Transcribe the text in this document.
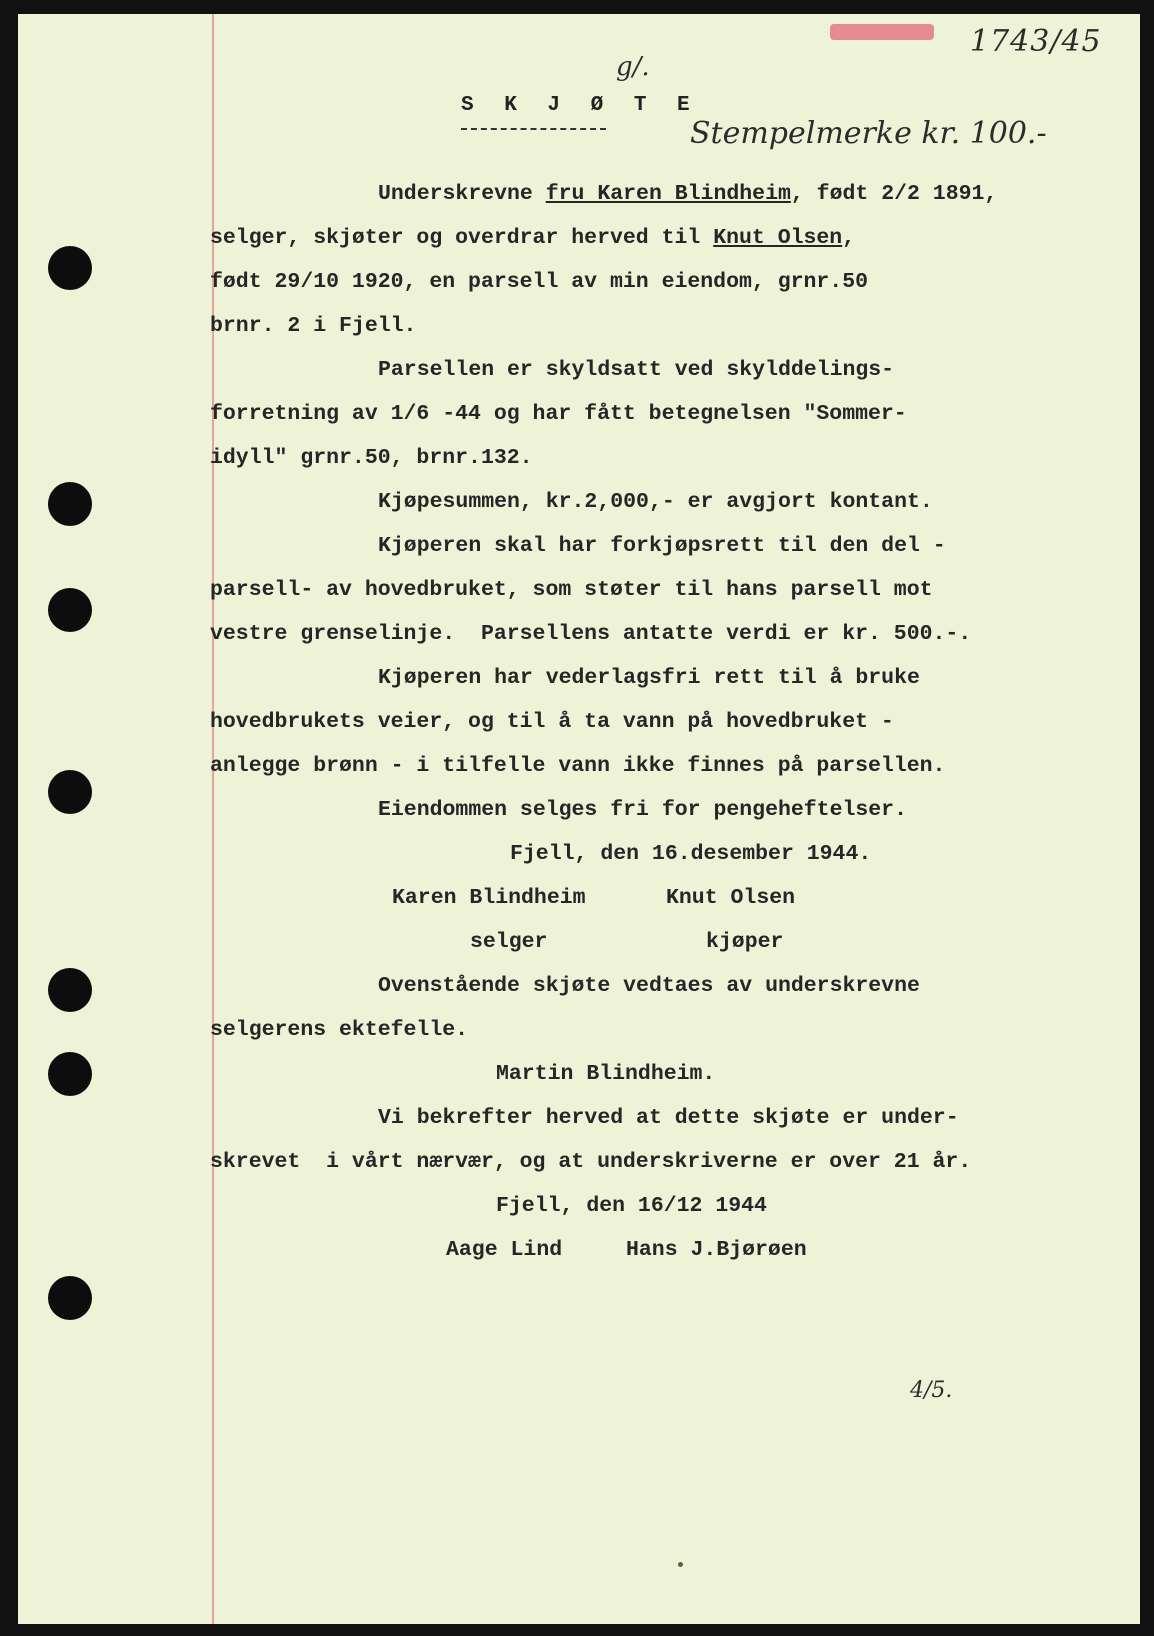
1743/45
g/.
Stempelmerke kr. 100.-
S K J Ø T E
Underskrevne fru Karen Blindheim, født 2/2 1891,
selger, skjøter og overdrar herved til Knut Olsen,
født 29/10 1920, en parsell av min eiendom, grnr.50
brnr. 2 i Fjell.
Parsellen er skyldsatt ved skylddelings-
forretning av 1/6 -44 og har fått betegnelsen "Sommer-
idyll" grnr.50, brnr.132.
Kjøpesummen, kr.2,000,- er avgjort kontant.
Kjøperen skal har forkjøpsrett til den del -
parsell- av hovedbruket, som støter til hans parsell mot
vestre grenselinje.  Parsellens antatte verdi er kr. 500.-.
Kjøperen har vederlagsfri rett til å bruke
hovedbrukets veier, og til å ta vann på hovedbruket -
anlegge brønn - i tilfelle vann ikke finnes på parsellen.
Eiendommen selges fri for pengeheftelser.
Fjell, den 16.desember 1944.
Karen Blindheim	Knut Olsen
selger	kjøper
Ovenstående skjøte vedtaes av underskrevne
selgerens ektefelle.
Martin Blindheim.
Vi bekrefter herved at dette skjøte er under-
skrevet  i vårt nærvær, og at underskriverne er over 21 år.
Fjell, den 16/12 1944
Aage Lind	Hans J.Bjørøen
4/5.
